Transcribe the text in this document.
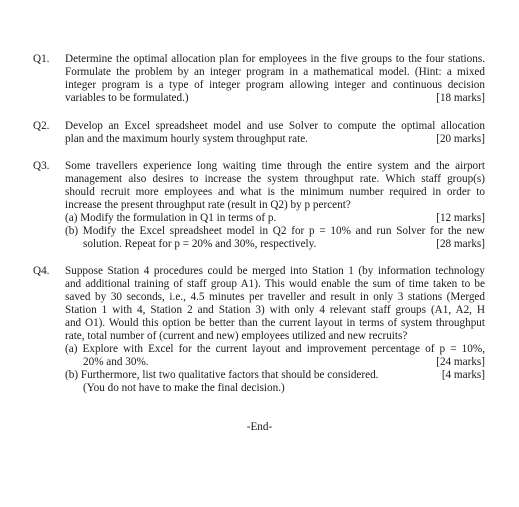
Q1. Determine the optimal allocation plan for employees in the five groups to the four stations.
Formulate the problem by an integer program in a mathematical model. (Hint: a mixed
integer program is a type of integer program allowing integer and continuous decision
variables to be formulated.)	[18 marks]
Q2. Develop an Excel spreadsheet model and use Solver to compute the optimal allocation
plan and the maximum hourly system throughput rate.	[20 marks]
Q3. Some travellers experience long waiting time through the entire system and the airport
management also desires to increase the system throughput rate. Which staff group(s)
should recruit more employees and what is the minimum number required in order to
increase the present throughput rate (result in Q2) by p percent?
(a) Modify the formulation in Q1 in terms of p.	[12 marks]
(b) Modify the Excel spreadsheet model in Q2 for p = 10% and run Solver for the new
solution. Repeat for p = 20% and 30%, respectively.	[28 marks]
Q4. Suppose Station 4 procedures could be merged into Station 1 (by information technology
and additional training of staff group A1). This would enable the sum of time taken to be
saved by 30 seconds, i.e., 4.5 minutes per traveller and result in only 3 stations (Merged
Station 1 with 4, Station 2 and Station 3) with only 4 relevant staff groups (A1, A2, H
and O1). Would this option be better than the current layout in terms of system throughput
rate, total number of (current and new) employees utilized and new recruits?
(a) Explore with Excel for the current layout and improvement percentage of p = 10%,
20% and 30%.	[24 marks]
(b) Furthermore, list two qualitative factors that should be considered.	[4 marks]
(You do not have to make the final decision.)
-End-
